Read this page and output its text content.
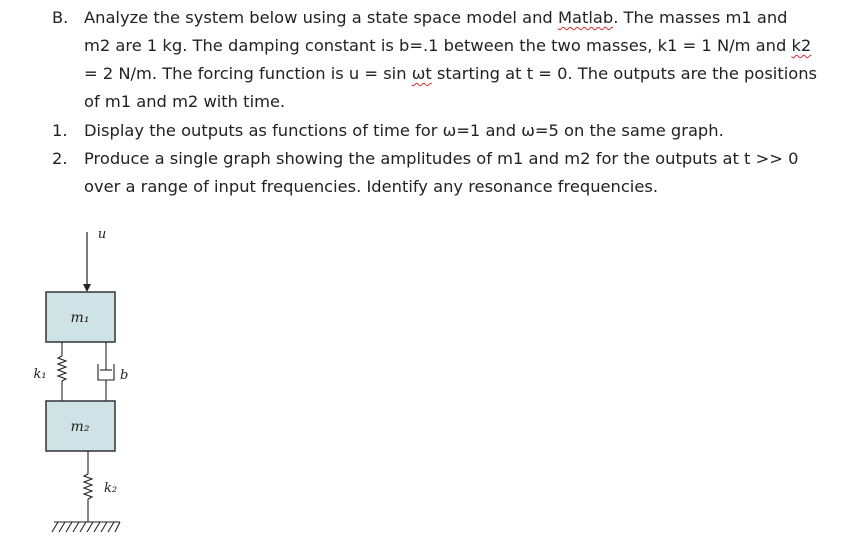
B. Analyze the system below using a state space model and Matlab. The masses m1 and
m2 are 1 kg. The damping constant is b=.1 between the two masses, k1 = 1 N/m and k2
= 2 N/m. The forcing function is u = sin ωt starting at t = 0. The outputs are the positions
of m1 and m2 with time.
1. Display the outputs as functions of time for ω=1 and ω=5 on the same graph.
2. Produce a single graph showing the amplitudes of m1 and m2 for the outputs at t >> 0
over a range of input frequencies. Identify any resonance frequencies.
u
m₁
k₁	b
m₂
k₂
